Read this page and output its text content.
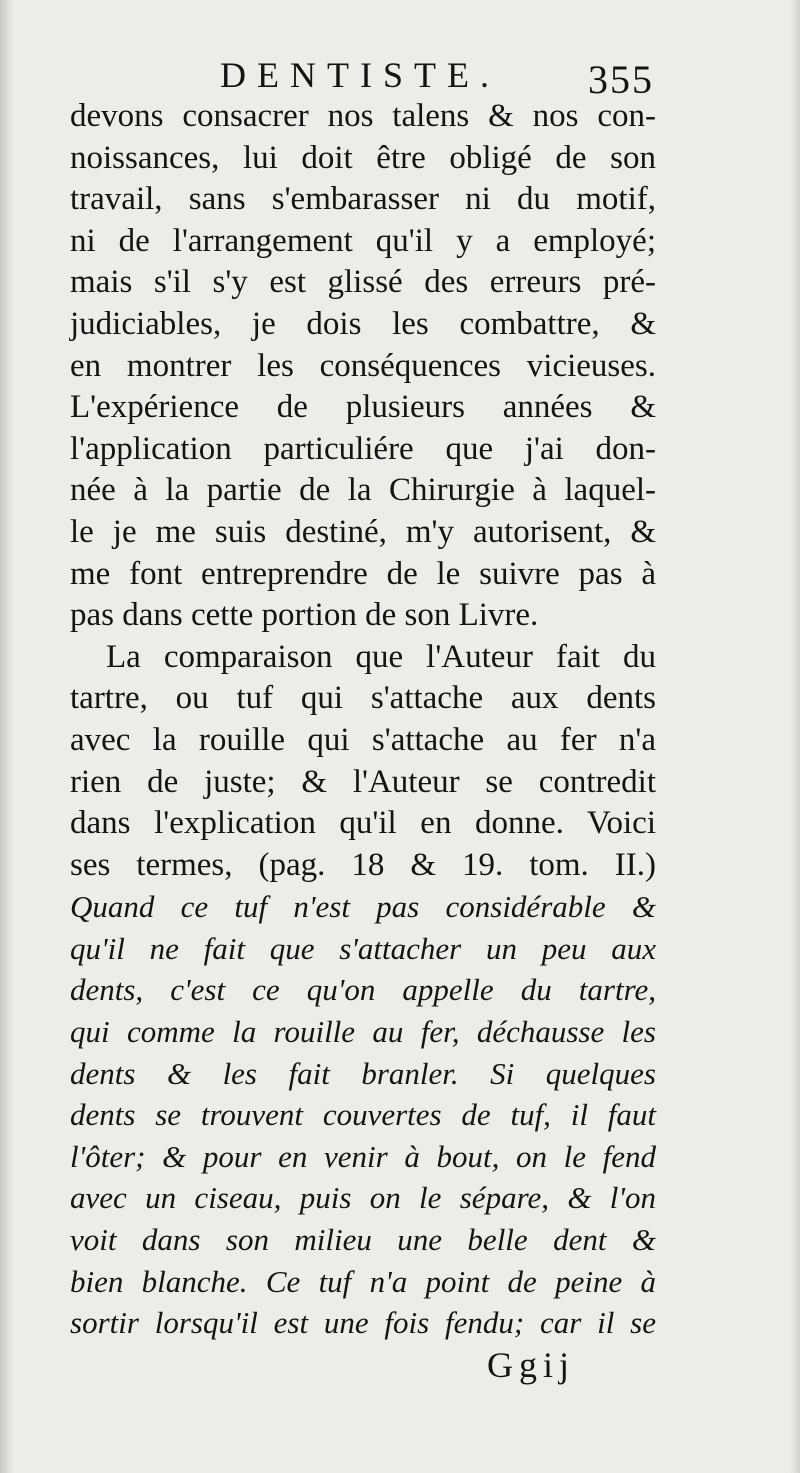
DENTISTE. 355
devons consacrer nos talens & nos con-
noissances, lui doit être obligé de son
travail, sans s'embarasser ni du motif,
ni de l'arrangement qu'il y a employé;
mais s'il s'y est glissé des erreurs pré-
judiciables, je dois les combattre, &
en montrer les conséquences vicieuses.
L'expérience de plusieurs années &
l'application particuliére que j'ai don-
née à la partie de la Chirurgie à laquel-
le je me suis destiné, m'y autorisent, &
me font entreprendre de le suivre pas à
pas dans cette portion de son Livre.
La comparaison que l'Auteur fait du
tartre, ou tuf qui s'attache aux dents
avec la rouille qui s'attache au fer n'a
rien de juste; & l'Auteur se contredit
dans l'explication qu'il en donne. Voici
ses termes, (pag. 18 & 19. tom. II.)
Quand ce tuf n'est pas considérable &
qu'il ne fait que s'attacher un peu aux
dents, c'est ce qu'on appelle du tartre,
qui comme la rouille au fer, déchausse les
dents & les fait branler. Si quelques
dents se trouvent couvertes de tuf, il faut
l'ôter; & pour en venir à bout, on le fend
avec un ciseau, puis on le sépare, & l'on
voit dans son milieu une belle dent &
bien blanche. Ce tuf n'a point de peine à
sortir lorsqu'il est une fois fendu; car il se
Ggij
